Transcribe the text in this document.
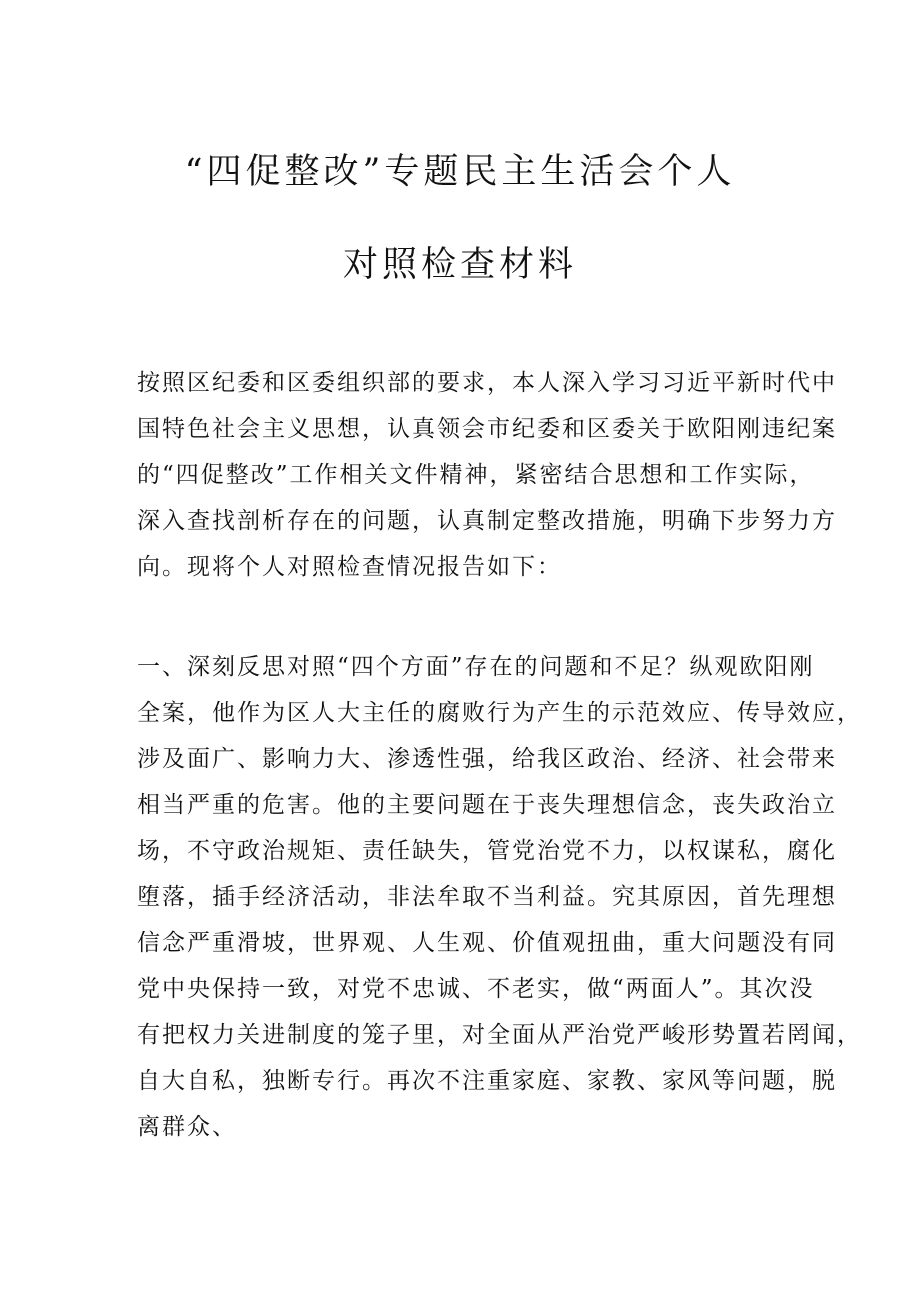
“四促整改”专题民主生活会个人
对照检查材料
按照区纪委和区委组织部的要求，本人深入学习习近平新时代中
国特色社会主义思想，认真领会市纪委和区委关于欧阳刚违纪案
的“四促整改”工作相关文件精神，紧密结合思想和工作实际，
深入查找剖析存在的问题，认真制定整改措施，明确下步努力方
向。现将个人对照检查情况报告如下：
一、深刻反思对照“四个方面”存在的问题和不足？纵观欧阳刚
全案，他作为区人大主任的腐败行为产生的示范效应、传导效应，
涉及面广、影响力大、渗透性强，给我区政治、经济、社会带来
相当严重的危害。他的主要问题在于丧失理想信念，丧失政治立
场，不守政治规矩、责任缺失，管党治党不力，以权谋私，腐化
堕落，插手经济活动，非法牟取不当利益。究其原因，首先理想
信念严重滑坡，世界观、人生观、价值观扭曲，重大问题没有同
党中央保持一致，对党不忠诚、不老实，做“两面人”。其次没
有把权力关进制度的笼子里，对全面从严治党严峻形势置若罔闻，
自大自私，独断专行。再次不注重家庭、家教、家风等问题，脱
离群众、
